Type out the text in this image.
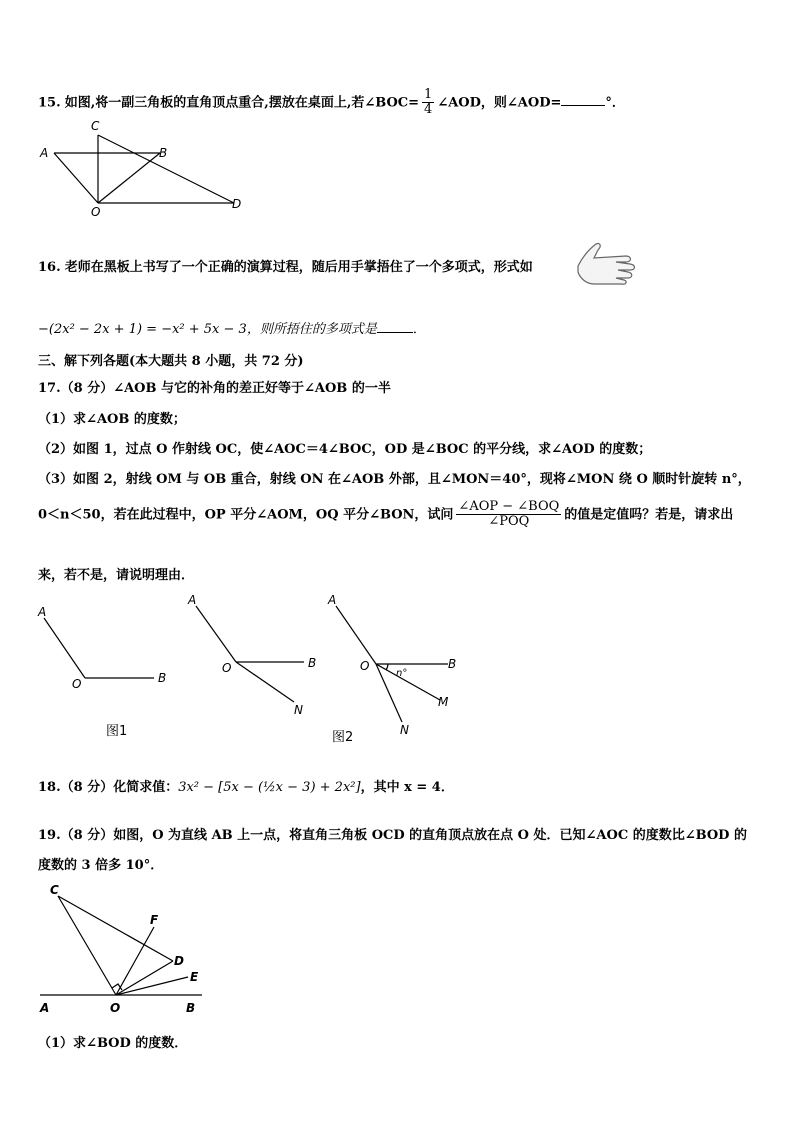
15. 如图,将一副三角板的直角顶点重合,摆放在桌面上,若∠BOC= $\frac{1}{4}$ ∠AOD，则∠AOD=	°．
A	B
C
O
D
16. 老师在黑板上书写了一个正确的演算过程，随后用手掌捂住了一个多项式，形式如
−(2x² − 2x + 1) = −x² + 5x − 3，则所捂住的多项式是	．
三、解下列各题(本大题共 8 小题，共 72 分)
17.（8 分）∠AOB 与它的补角的差正好等于∠AOB 的一半
（1）求∠AOB 的度数；
（2）如图 1，过点 O 作射线 OC，使∠AOC＝4∠BOC，OD 是∠BOC 的平分线，求∠AOD 的度数；
（3）如图 2，射线 OM 与 OB 重合，射线 ON 在∠AOB 外部，且∠MON＝40°，现将∠MON 绕 O 顺时针旋转 n°，
0＜n＜50，若在此过程中，OP 平分∠AOM，OQ 平分∠BON，试问 $\frac{\text{∠AOP − ∠BOQ}}{\text{∠POQ}}$ 的值是定值吗？若是，请求出
来，若不是，请说明理由．
A
O	B
A
O	B
N
A
O	B
n°
M
N
图1	图2
18.（8 分）化简求值：3x² − [5x − (½x − 3) + 2x²]，其中 x = 4．
19.（8 分）如图，O 为直线 AB 上一点，将直角三角板 OCD 的直角顶点放在点 O 处．已知∠AOC 的度数比∠BOD 的
度数的 3 倍多 10°．
C
F
D
E
A	O	B
（1）求∠BOD 的度数．
